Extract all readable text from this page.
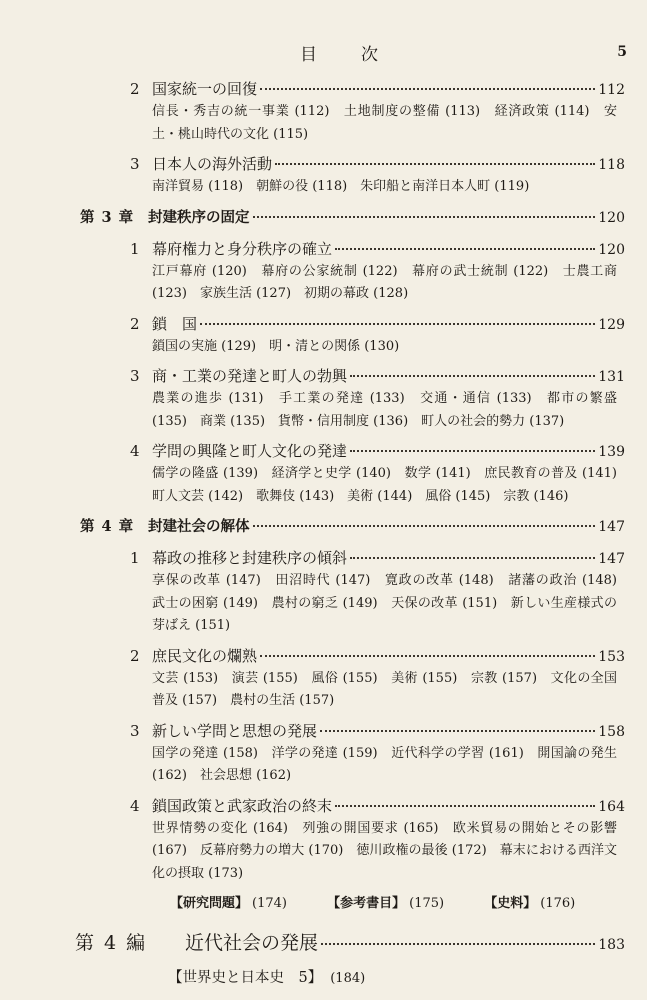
目次	5
2 国家統一の回復	112
信長・秀吉の統一事業 (112)　土地制度の整備 (113)　経済政策 (114)　安土・桃山時代の文化 (115)
3 日本人の海外活動	118
南洋貿易 (118)　朝鮮の役 (118)　朱印船と南洋日本人町 (119)
第 3 章 封建秩序の固定	120
1 幕府権力と身分秩序の確立	120
江戸幕府 (120)　幕府の公家統制 (122)　幕府の武士統制 (122)　士農工商 (123)　家族生活 (127)　初期の幕政 (128)
2 鎖　国	129
鎖国の実施 (129)　明・清との関係 (130)
3 商・工業の発達と町人の勃興	131
農業の進歩 (131)　手工業の発達 (133)　交通・通信 (133)　都市の繁盛 (135)　商業 (135)　貨幣・信用制度 (136)　町人の社会的勢力 (137)
4 学問の興隆と町人文化の発達	139
儒学の隆盛 (139)　経済学と史学 (140)　数学 (141)　庶民教育の普及 (141)　町人文芸 (142)　歌舞伎 (143)　美術 (144)　風俗 (145)　宗教 (146)
第 4 章 封建社会の解体	147
1 幕政の推移と封建秩序の傾斜	147
享保の改革 (147)　田沼時代 (147)　寛政の改革 (148)　諸藩の政治 (148)　武士の困窮 (149)　農村の窮乏 (149)　天保の改革 (151)　新しい生産様式の芽ばえ (151)
2 庶民文化の爛熟	153
文芸 (153)　演芸 (155)　風俗 (155)　美術 (155)　宗教 (157)　文化の全国普及 (157)　農村の生活 (157)
3 新しい学問と思想の発展	158
国学の発達 (158)　洋学の発達 (159)　近代科学の学習 (161)　開国論の発生 (162)　社会思想 (162)
4 鎖国政策と武家政治の終末	164
世界情勢の変化 (164)　列強の開国要求 (165)　欧米貿易の開始とその影響 (167)　反幕府勢力の増大 (170)　徳川政権の最後 (172)　幕末における西洋文化の摂取 (173)
【研究問題】 (174)	【参考書目】 (175)	【史料】 (176)
第 4 編	近代社会の発展	183
【世界史と日本史　5】 (184)
